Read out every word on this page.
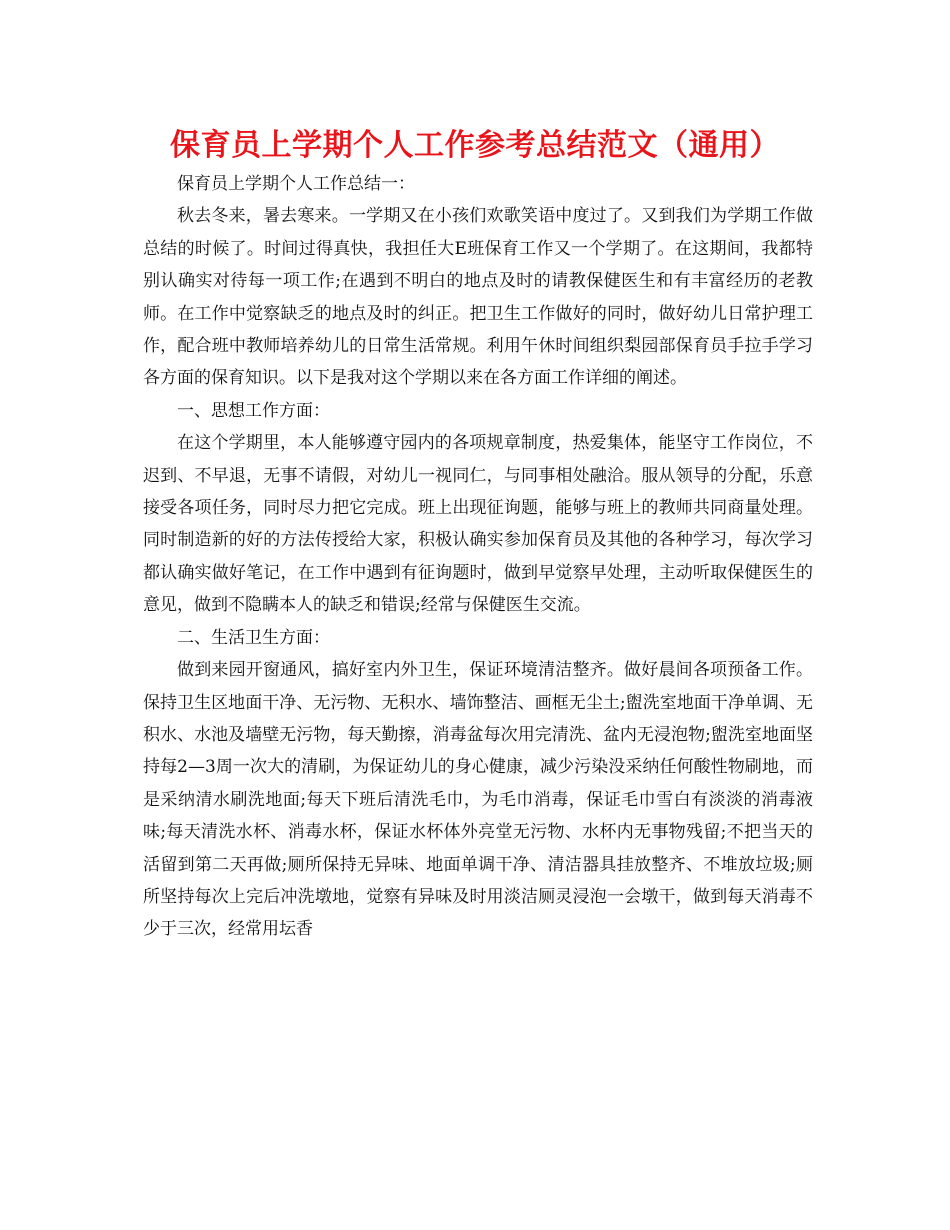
保育员上学期个人工作参考总结范文（通用）

保育员上学期个人工作总结一：

秋去冬来，暑去寒来。一学期又在小孩们欢歌笑语中度过了。又到我们为学期工作做总结的时候了。时间过得真快，我担任大E班保育工作又一个学期了。在这期间，我都特别认确实对待每一项工作;在遇到不明白的地点及时的请教保健医生和有丰富经历的老教师。在工作中觉察缺乏的地点及时的纠正。把卫生工作做好的同时，做好幼儿日常护理工作，配合班中教师培养幼儿的日常生活常规。利用午休时间组织梨园部保育员手拉手学习各方面的保育知识。以下是我对这个学期以来在各方面工作详细的阐述。

一、思想工作方面：

在这个学期里，本人能够遵守园内的各项规章制度，热爱集体，能坚守工作岗位，不迟到、不早退，无事不请假，对幼儿一视同仁，与同事相处融洽。服从领导的分配，乐意接受各项任务，同时尽力把它完成。班上出现征询题，能够与班上的教师共同商量处理。同时制造新的好的方法传授给大家，积极认确实参加保育员及其他的各种学习，每次学习都认确实做好笔记，在工作中遇到有征询题时，做到早觉察早处理，主动听取保健医生的意见，做到不隐瞒本人的缺乏和错误;经常与保健医生交流。

二、生活卫生方面：

做到来园开窗通风，搞好室内外卫生，保证环境清洁整齐。做好晨间各项预备工作。保持卫生区地面干净、无污物、无积水、墙饰整洁、画框无尘土;盥洗室地面干净单调、无积水、水池及墙壁无污物，每天勤擦，消毒盆每次用完清洗、盆内无浸泡物;盥洗室地面坚持每2—3周一次大的清刷，为保证幼儿的身心健康，减少污染没采纳任何酸性物刷地，而是采纳清水刷洗地面;每天下班后清洗毛巾，为毛巾消毒，保证毛巾雪白有淡淡的消毒液味;每天清洗水杯、消毒水杯，保证水杯体外亮堂无污物、水杯内无事物残留;不把当天的活留到第二天再做;厕所保持无异味、地面单调干净、清洁器具挂放整齐、不堆放垃圾;厕所坚持每次上完后冲洗墩地，觉察有异味及时用淡洁厕灵浸泡一会墩干，做到每天消毒不少于三次，经常用坛香
